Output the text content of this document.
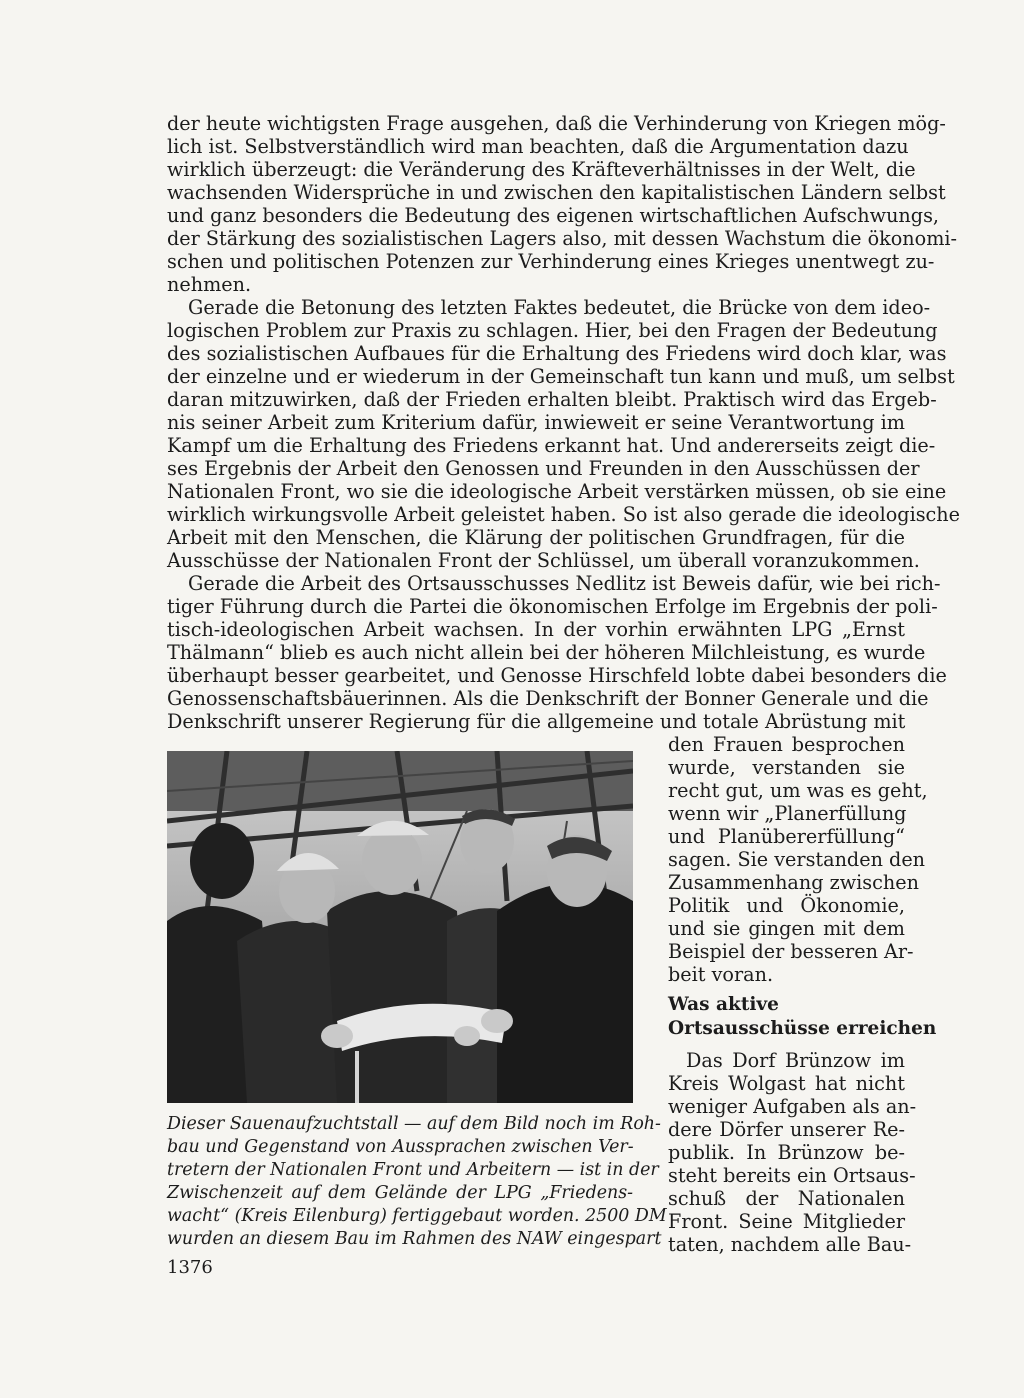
der heute wichtigsten Frage ausgehen, daß die Verhinderung von Kriegen mög-
lich ist. Selbstverständlich wird man beachten, daß die Argumentation dazu
wirklich überzeugt: die Veränderung des Kräfteverhältnisses in der Welt, die
wachsenden Widersprüche in und zwischen den kapitalistischen Ländern selbst
und ganz besonders die Bedeutung des eigenen wirtschaftlichen Aufschwungs,
der Stärkung des sozialistischen Lagers also, mit dessen Wachstum die ökonomi-
schen und politischen Potenzen zur Verhinderung eines Krieges unentwegt zu-
nehmen.
Gerade die Betonung des letzten Faktes bedeutet, die Brücke von dem ideo-
logischen Problem zur Praxis zu schlagen. Hier, bei den Fragen der Bedeutung
des sozialistischen Aufbaues für die Erhaltung des Friedens wird doch klar, was
der einzelne und er wiederum in der Gemeinschaft tun kann und muß, um selbst
daran mitzuwirken, daß der Frieden erhalten bleibt. Praktisch wird das Ergeb-
nis seiner Arbeit zum Kriterium dafür, inwieweit er seine Verantwortung im
Kampf um die Erhaltung des Friedens erkannt hat. Und andererseits zeigt die-
ses Ergebnis der Arbeit den Genossen und Freunden in den Ausschüssen der
Nationalen Front, wo sie die ideologische Arbeit verstärken müssen, ob sie eine
wirklich wirkungsvolle Arbeit geleistet haben. So ist also gerade die ideologische
Arbeit mit den Menschen, die Klärung der politischen Grundfragen, für die
Ausschüsse der Nationalen Front der Schlüssel, um überall voranzukommen.
Gerade die Arbeit des Ortsausschusses Nedlitz ist Beweis dafür, wie bei rich-
tiger Führung durch die Partei die ökonomischen Erfolge im Ergebnis der poli-
tisch-ideologischen Arbeit wachsen. In der vorhin erwähnten LPG „Ernst
Thälmann“ blieb es auch nicht allein bei der höheren Milchleistung, es wurde
überhaupt besser gearbeitet, und Genosse Hirschfeld lobte dabei besonders die
Genossenschaftsbäuerinnen. Als die Denkschrift der Bonner Generale und die
Denkschrift unserer Regierung für die allgemeine und totale Abrüstung mit
den Frauen besprochen
wurde, verstanden sie
recht gut, um was es geht,
wenn wir „Planerfüllung
und Planübererfüllung“
sagen. Sie verstanden den
Zusammenhang zwischen
Politik und Ökonomie,
und sie gingen mit dem
Beispiel der besseren Ar-
beit voran.
Was aktive
Ortsausschüsse erreichen
Das Dorf Brünzow im
Kreis Wolgast hat nicht
weniger Aufgaben als an-
dere Dörfer unserer Re-
publik. In Brünzow be-
steht bereits ein Ortsaus-
schuß der Nationalen
Front. Seine Mitglieder
taten, nachdem alle Bau-
Dieser Sauenaufzuchtstall — auf dem Bild noch im Roh-
bau und Gegenstand von Aussprachen zwischen Ver-
tretern der Nationalen Front und Arbeitern — ist in der
Zwischenzeit auf dem Gelände der LPG „Friedens-
wacht“ (Kreis Eilenburg) fertiggebaut worden. 2500 DM
wurden an diesem Bau im Rahmen des NAW eingespart
1376
